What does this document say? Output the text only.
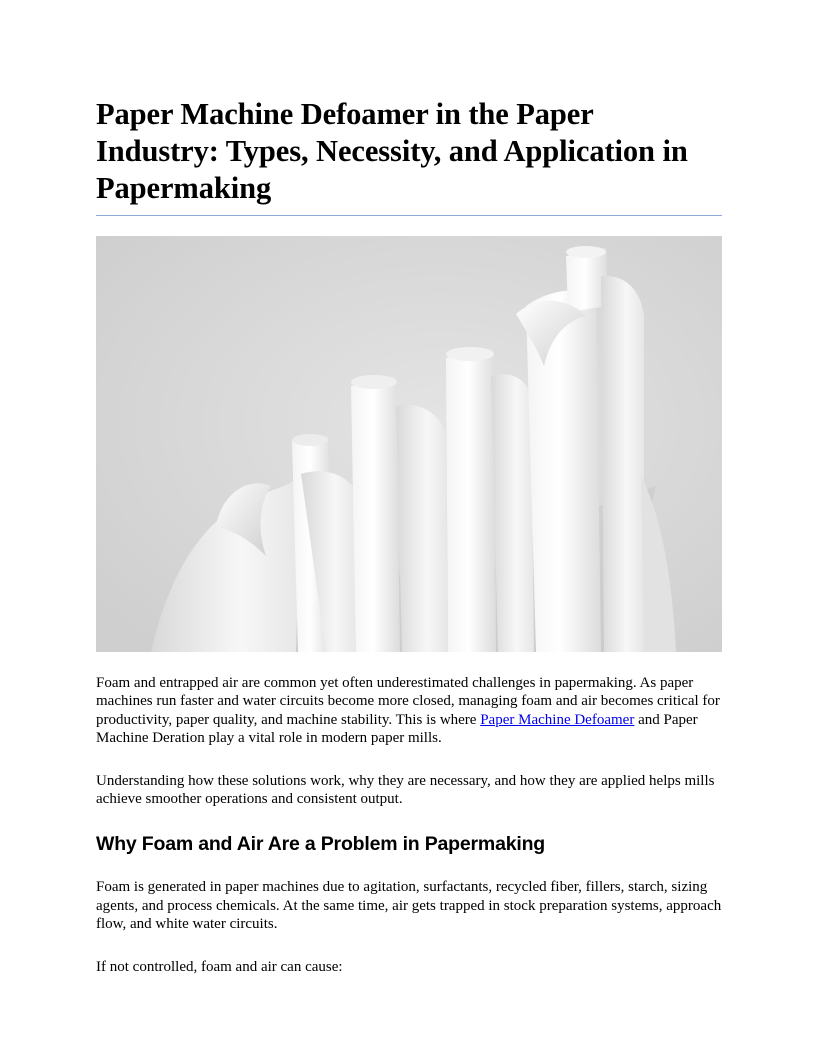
Paper Machine Defoamer in the Paper Industry: Types, Necessity, and Application in Papermaking

Foam and entrapped air are common yet often underestimated challenges in papermaking. As paper machines run faster and water circuits become more closed, managing foam and air becomes critical for productivity, paper quality, and machine stability. This is where Paper Machine Defoamer and Paper Machine Deration play a vital role in modern paper mills.

Understanding how these solutions work, why they are necessary, and how they are applied helps mills achieve smoother operations and consistent output.

Why Foam and Air Are a Problem in Papermaking

Foam is generated in paper machines due to agitation, surfactants, recycled fiber, fillers, starch, sizing agents, and process chemicals. At the same time, air gets trapped in stock preparation systems, approach flow, and white water circuits.

If not controlled, foam and air can cause:
